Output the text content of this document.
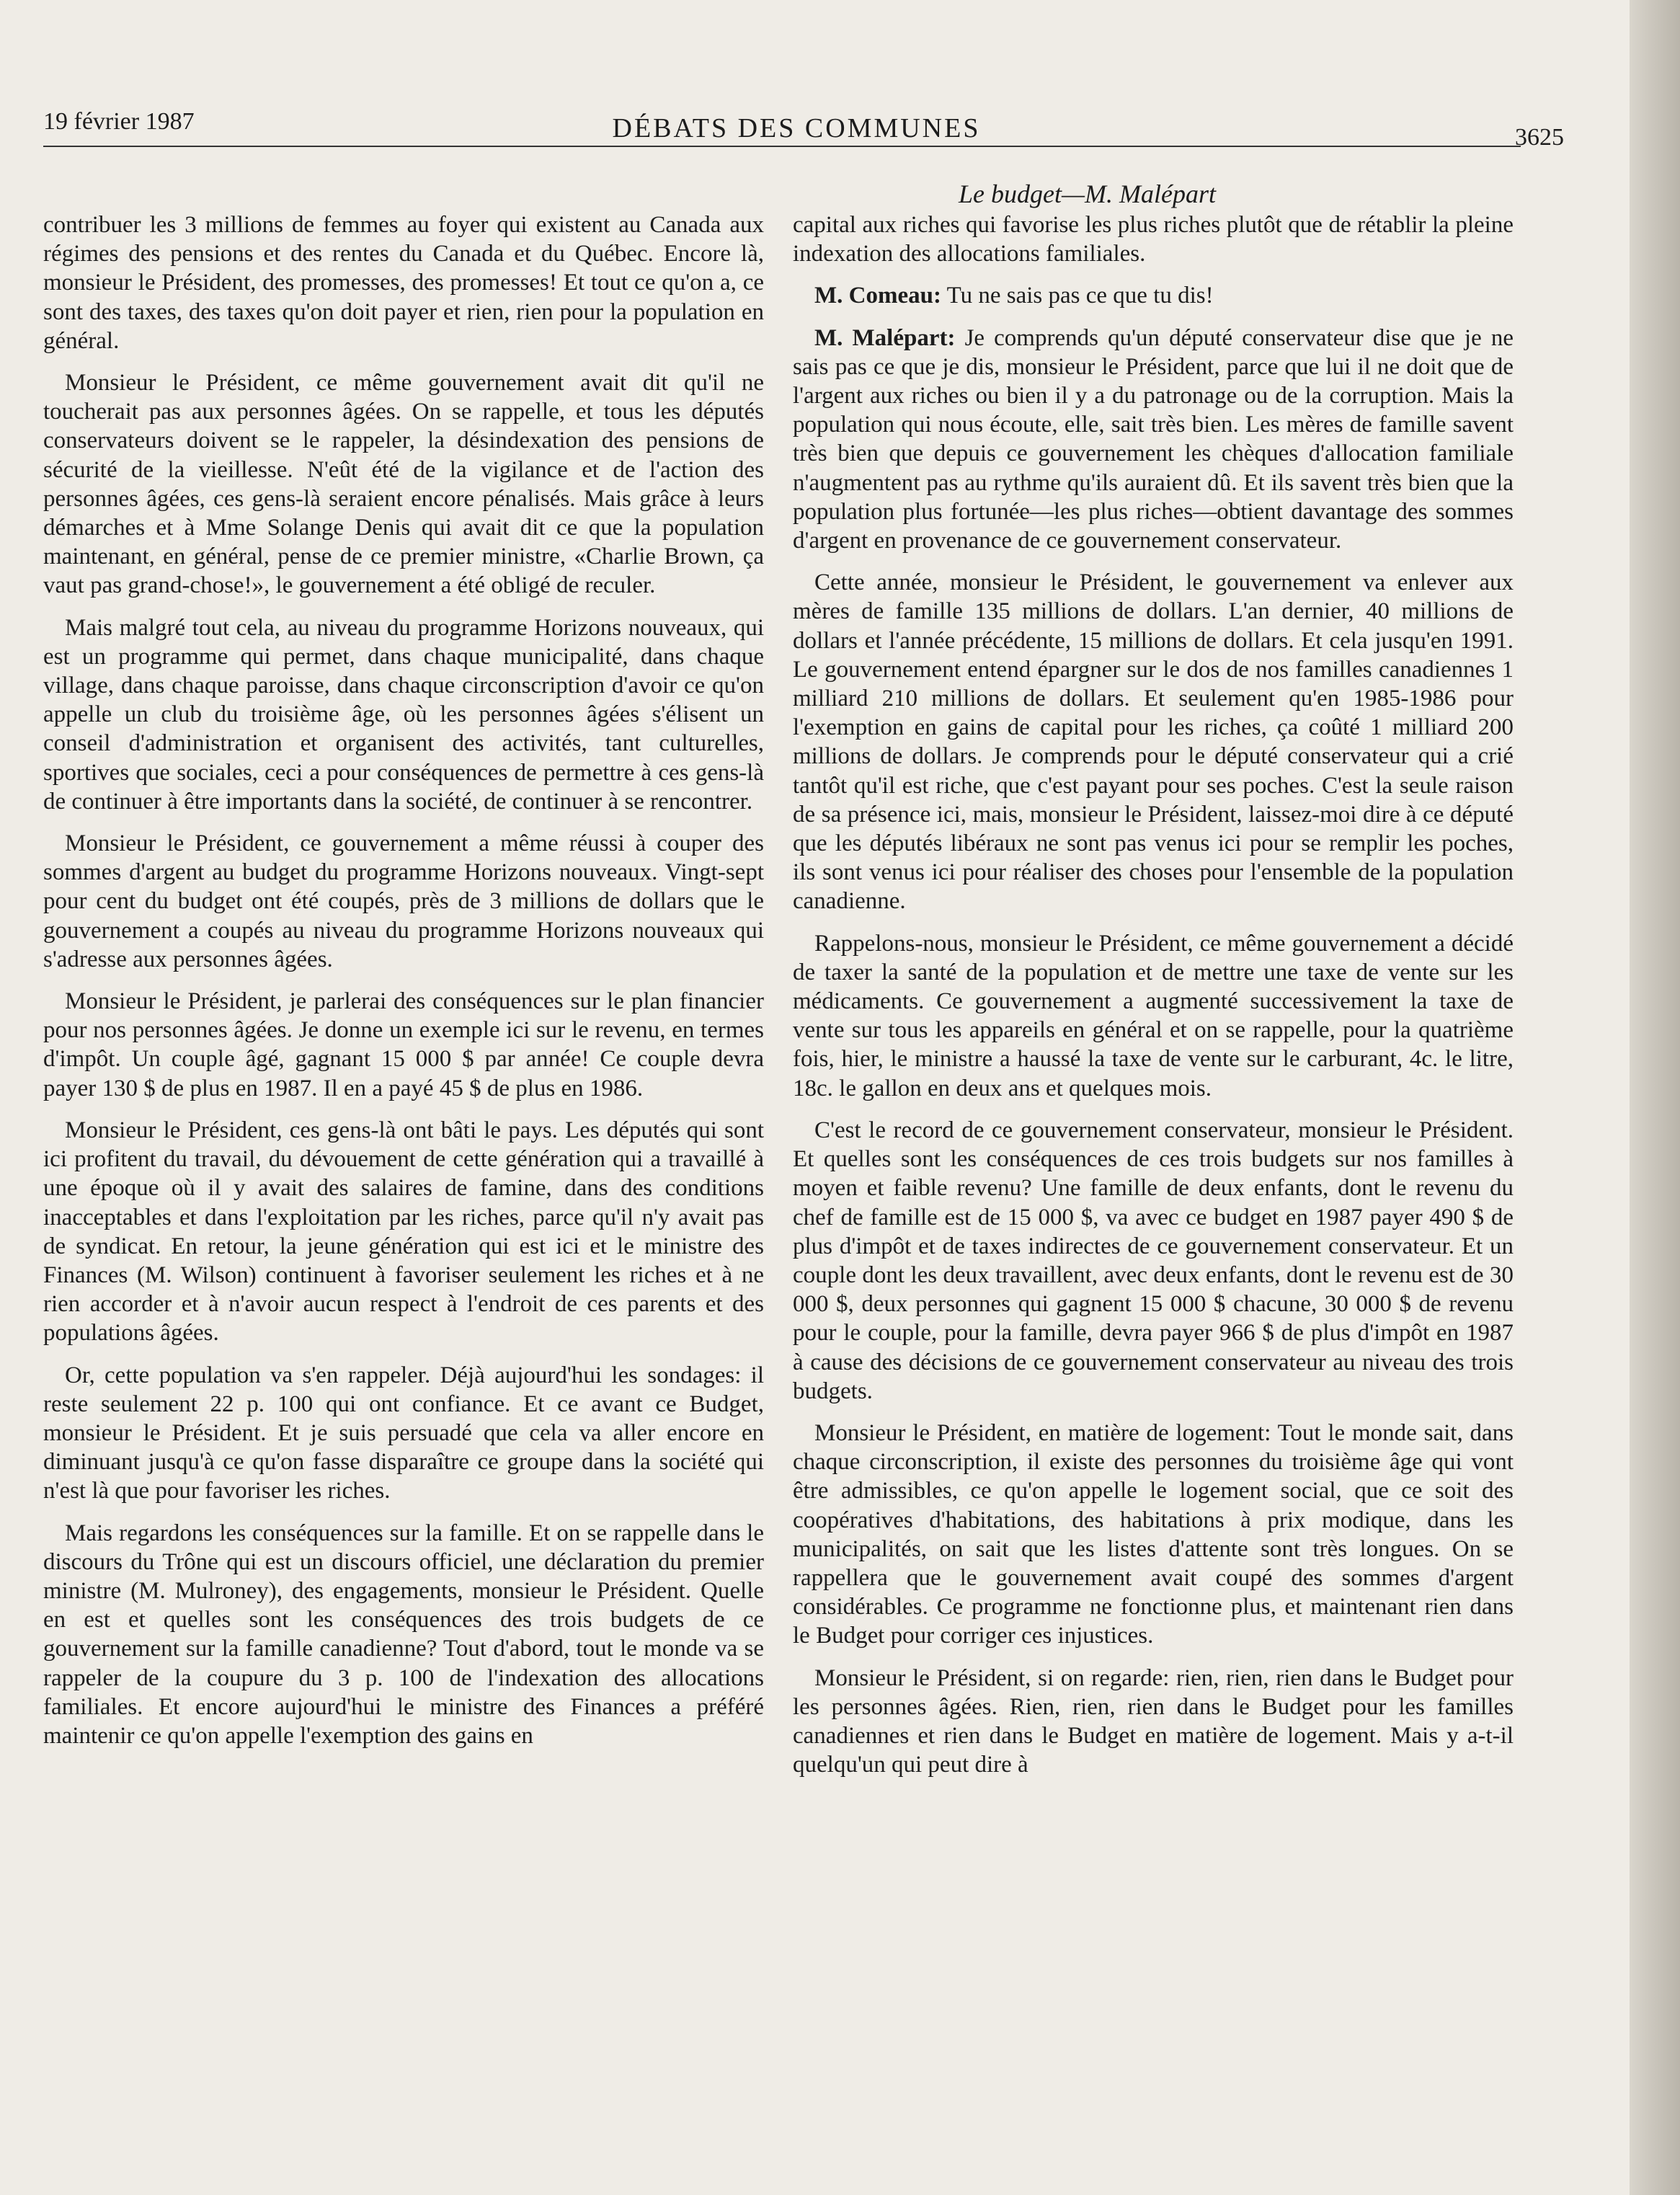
19 février 1987	DÉBATS DES COMMUNES	3625
Le budget—M. Malépart

contribuer les 3 millions de femmes au foyer qui existent au Canada aux régimes des pensions et des rentes du Canada et du Québec. Encore là, monsieur le Président, des promesses, des promesses! Et tout ce qu'on a, ce sont des taxes, des taxes qu'on doit payer et rien, rien pour la population en général.

Monsieur le Président, ce même gouvernement avait dit qu'il ne toucherait pas aux personnes âgées. On se rappelle, et tous les députés conservateurs doivent se le rappeler, la désindexation des pensions de sécurité de la vieillesse. N'eût été de la vigilance et de l'action des personnes âgées, ces gens-là seraient encore pénalisés. Mais grâce à leurs démarches et à Mme Solange Denis qui avait dit ce que la population maintenant, en général, pense de ce premier ministre, «Charlie Brown, ça vaut pas grand-chose!», le gouvernement a été obligé de reculer.

Mais malgré tout cela, au niveau du programme Horizons nouveaux, qui est un programme qui permet, dans chaque municipalité, dans chaque village, dans chaque paroisse, dans chaque circonscription d'avoir ce qu'on appelle un club du troisième âge, où les personnes âgées s'élisent un conseil d'administration et organisent des activités, tant culturelles, sportives que sociales, ceci a pour conséquences de permettre à ces gens-là de continuer à être importants dans la société, de continuer à se rencontrer.

Monsieur le Président, ce gouvernement a même réussi à couper des sommes d'argent au budget du programme Horizons nouveaux. Vingt-sept pour cent du budget ont été coupés, près de 3 millions de dollars que le gouvernement a coupés au niveau du programme Horizons nouveaux qui s'adresse aux personnes âgées.

Monsieur le Président, je parlerai des conséquences sur le plan financier pour nos personnes âgées. Je donne un exemple ici sur le revenu, en termes d'impôt. Un couple âgé, gagnant 15 000 $ par année! Ce couple devra payer 130 $ de plus en 1987. Il en a payé 45 $ de plus en 1986.

Monsieur le Président, ces gens-là ont bâti le pays. Les députés qui sont ici profitent du travail, du dévouement de cette génération qui a travaillé à une époque où il y avait des salaires de famine, dans des conditions inacceptables et dans l'exploitation par les riches, parce qu'il n'y avait pas de syndicat. En retour, la jeune génération qui est ici et le ministre des Finances (M. Wilson) continuent à favoriser seulement les riches et à ne rien accorder et à n'avoir aucun respect à l'endroit de ces parents et des populations âgées.

Or, cette population va s'en rappeler. Déjà aujourd'hui les sondages: il reste seulement 22 p. 100 qui ont confiance. Et ce avant ce Budget, monsieur le Président. Et je suis persuadé que cela va aller encore en diminuant jusqu'à ce qu'on fasse disparaître ce groupe dans la société qui n'est là que pour favoriser les riches.

Mais regardons les conséquences sur la famille. Et on se rappelle dans le discours du Trône qui est un discours officiel, une déclaration du premier ministre (M. Mulroney), des engagements, monsieur le Président. Quelle en est et quelles sont les conséquences des trois budgets de ce gouvernement sur la famille canadienne? Tout d'abord, tout le monde va se rappeler de la coupure du 3 p. 100 de l'indexation des allocations familiales. Et encore aujourd'hui le ministre des Finances a préféré maintenir ce qu'on appelle l'exemption des gains en

capital aux riches qui favorise les plus riches plutôt que de rétablir la pleine indexation des allocations familiales.

M. Comeau: Tu ne sais pas ce que tu dis!

M. Malépart: Je comprends qu'un député conservateur dise que je ne sais pas ce que je dis, monsieur le Président, parce que lui il ne doit que de l'argent aux riches ou bien il y a du patronage ou de la corruption. Mais la population qui nous écoute, elle, sait très bien. Les mères de famille savent très bien que depuis ce gouvernement les chèques d'allocation familiale n'augmentent pas au rythme qu'ils auraient dû. Et ils savent très bien que la population plus fortunée—les plus riches—obtient davantage des sommes d'argent en provenance de ce gouvernement conservateur.

Cette année, monsieur le Président, le gouvernement va enlever aux mères de famille 135 millions de dollars. L'an dernier, 40 millions de dollars et l'année précédente, 15 millions de dollars. Et cela jusqu'en 1991. Le gouvernement entend épargner sur le dos de nos familles canadiennes 1 milliard 210 millions de dollars. Et seulement qu'en 1985-1986 pour l'exemption en gains de capital pour les riches, ça coûté 1 milliard 200 millions de dollars. Je comprends pour le député conservateur qui a crié tantôt qu'il est riche, que c'est payant pour ses poches. C'est la seule raison de sa présence ici, mais, monsieur le Président, laissez-moi dire à ce député que les députés libéraux ne sont pas venus ici pour se remplir les poches, ils sont venus ici pour réaliser des choses pour l'ensemble de la population canadienne.

Rappelons-nous, monsieur le Président, ce même gouvernement a décidé de taxer la santé de la population et de mettre une taxe de vente sur les médicaments. Ce gouvernement a augmenté successivement la taxe de vente sur tous les appareils en général et on se rappelle, pour la quatrième fois, hier, le ministre a haussé la taxe de vente sur le carburant, 4c. le litre, 18c. le gallon en deux ans et quelques mois.

C'est le record de ce gouvernement conservateur, monsieur le Président. Et quelles sont les conséquences de ces trois budgets sur nos familles à moyen et faible revenu? Une famille de deux enfants, dont le revenu du chef de famille est de 15 000 $, va avec ce budget en 1987 payer 490 $ de plus d'impôt et de taxes indirectes de ce gouvernement conservateur. Et un couple dont les deux travaillent, avec deux enfants, dont le revenu est de 30 000 $, deux personnes qui gagnent 15 000 $ chacune, 30 000 $ de revenu pour le couple, pour la famille, devra payer 966 $ de plus d'impôt en 1987 à cause des décisions de ce gouvernement conservateur au niveau des trois budgets.

Monsieur le Président, en matière de logement: Tout le monde sait, dans chaque circonscription, il existe des personnes du troisième âge qui vont être admissibles, ce qu'on appelle le logement social, que ce soit des coopératives d'habitations, des habitations à prix modique, dans les municipalités, on sait que les listes d'attente sont très longues. On se rappellera que le gouvernement avait coupé des sommes d'argent considérables. Ce programme ne fonctionne plus, et maintenant rien dans le Budget pour corriger ces injustices.

Monsieur le Président, si on regarde: rien, rien, rien dans le Budget pour les personnes âgées. Rien, rien, rien dans le Budget pour les familles canadiennes et rien dans le Budget en matière de logement. Mais y a-t-il quelqu'un qui peut dire à
